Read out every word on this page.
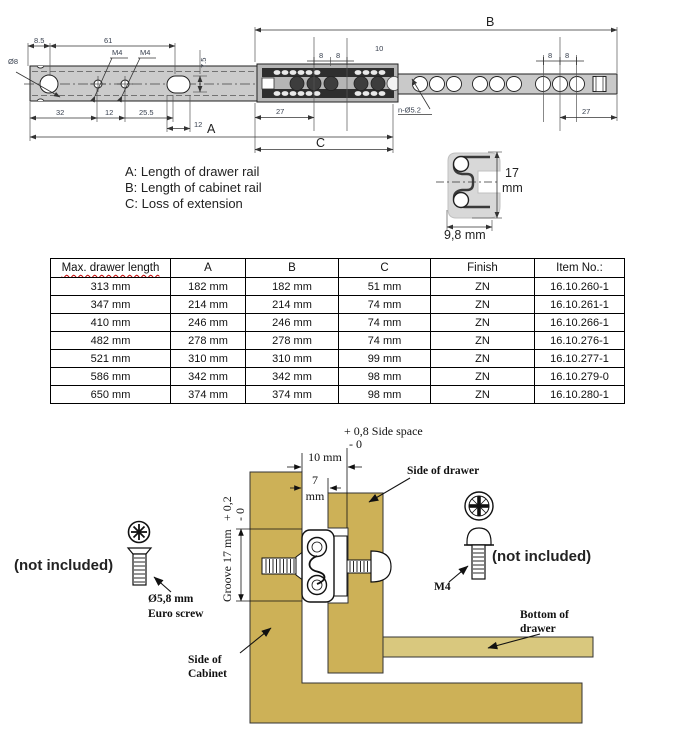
8.5	61
M4 M4
Ø8	7.5
B
10
8 8	8 8
n-Ø5.2
27	27
32	12	25.5
12 A
C
A: Length of drawer rail
B: Length of cabinet rail
C: Loss of extension
17
mm
9,8 mm
Max. drawer length	A	B	C	Finish	Item No.:
313 mm	182 mm	182 mm	51 mm	ZN	16.10.260-1
347 mm	214 mm	214 mm	74 mm	ZN	16.10.261-1
410 mm	246 mm	246 mm	74 mm	ZN	16.10.266-1
482 mm	278 mm	278 mm	74 mm	ZN	16.10.276-1
521 mm	310 mm	310 mm	99 mm	ZN	16.10.277-1
586 mm	342 mm	342 mm	98 mm	ZN	16.10.279-0
650 mm	374 mm	374 mm	98 mm	ZN	16.10.280-1
+ 0,8 Side space
- 0
10 mm
7
mm
+ 0,2 - 0
Groove 17 mm
Side of drawer
(not included)
Ø5,8 mm
Euro screw
(not included)
M4
Bottom of
drawer
Side of
Cabinet
